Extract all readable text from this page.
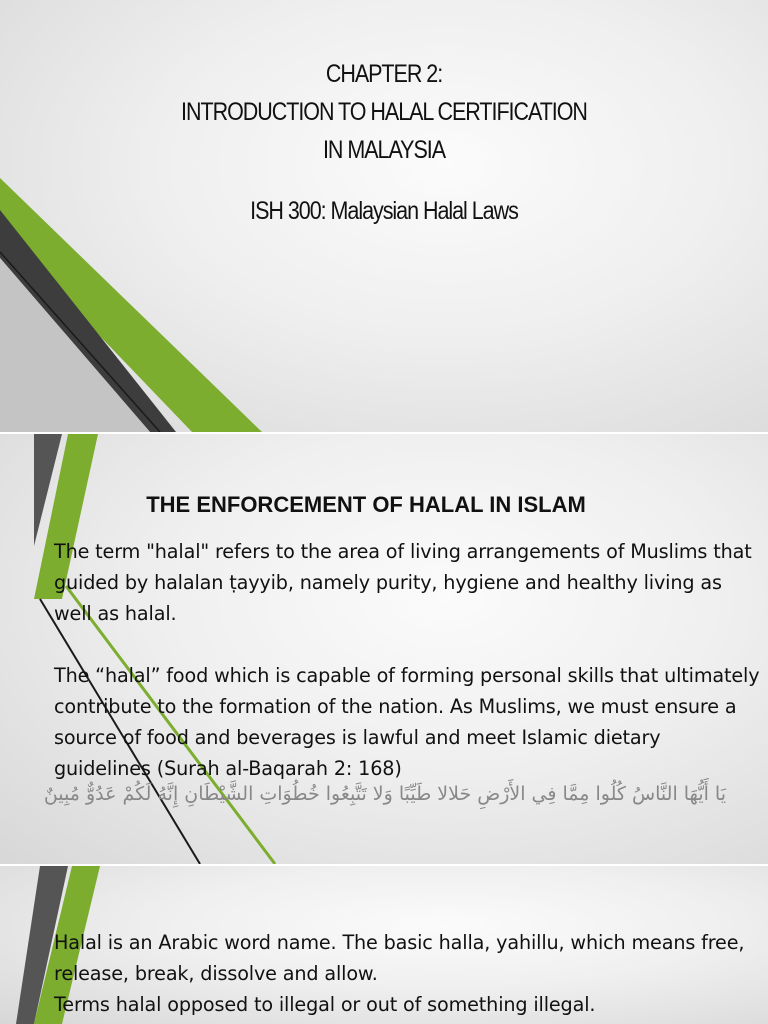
CHAPTER 2:
INTRODUCTION TO HALAL CERTIFICATION
IN MALAYSIA
ISH 300: Malaysian Halal Laws
THE ENFORCEMENT OF HALAL IN ISLAM

The term "halal" refers to the area of living arrangements of Muslims that guided by halalan ṭayyib, namely purity, hygiene and healthy living as well as halal.

The “halal” food which is capable of forming personal skills that ultimately contribute to the formation of the nation. As Muslims, we must ensure a source of food and beverages is lawful and meet Islamic dietary guidelines (Surah al-Baqarah 2: 168)

يَا أَيُّهَا النَّاسُ كُلُوا مِمَّا فِي الأَرْضِ حَلالا طَيِّبًا وَلا تَتَّبِعُوا خُطُوَاتِ الشَّيْطَانِ إِنَّهُ لَكُمْ عَدُوٌّ مُبِينٌ

Halal is an Arabic word name. The basic halla, yahillu, which means free, release, break, dissolve and allow.

Terms halal opposed to illegal or out of something illegal.
